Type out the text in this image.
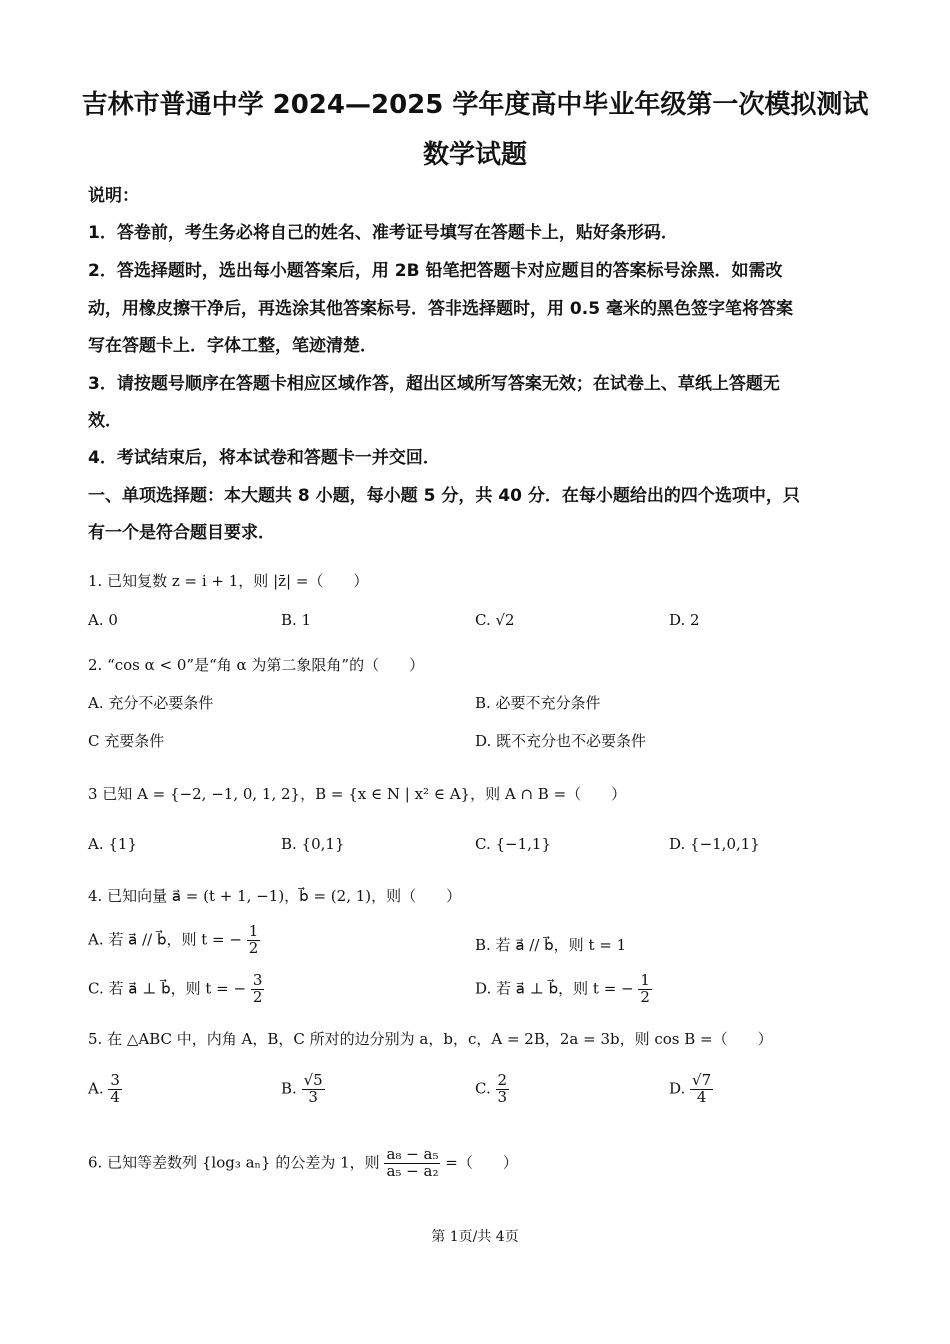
吉林市普通中学 2024—2025 学年度高中毕业年级第一次模拟测试
数学试题
说明：
1．答卷前，考生务必将自己的姓名、准考证号填写在答题卡上，贴好条形码．
2．答选择题时，选出每小题答案后，用 2B 铅笔把答题卡对应题目的答案标号涂黑．如需改
动，用橡皮擦干净后，再选涂其他答案标号．答非选择题时，用 0.5 毫米的黑色签字笔将答案
写在答题卡上．字体工整，笔迹清楚．
3．请按题号顺序在答题卡相应区域作答，超出区域所写答案无效；在试卷上、草纸上答题无
效．
4．考试结束后，将本试卷和答题卡一并交回．
一、单项选择题：本大题共 8 小题，每小题 5 分，共 40 分．在每小题给出的四个选项中，只
有一个是符合题目要求．
1. 已知复数 z = i + 1，则 |z̄| =（　　）
A. 0	B. 1	C. √2	D. 2
2. “cos α < 0”是“角 α 为第二象限角”的（　　）
A. 充分不必要条件	B. 必要不充分条件
C 充要条件	D. 既不充分也不必要条件
3 已知 A = {−2, −1, 0, 1, 2}，B = {x ∈ N | x² ∈ A}，则 A ∩ B =（　　）
A. {1}	B. {0,1}	C. {−1,1}	D. {−1,0,1}
4. 已知向量 a⃗ = (t + 1, −1)，b⃗ = (2, 1)，则（　　）
A. 若 a⃗ // b⃗，则 t = − $\frac{1}{2}$	B. 若 a⃗ // b⃗，则 t = 1
C. 若 a⃗ ⊥ b⃗，则 t = − $\frac{3}{2}$	D. 若 a⃗ ⊥ b⃗，则 t = − $\frac{1}{2}$
5. 在 △ABC 中，内角 A，B，C 所对的边分别为 a，b，c，A = 2B，2a = 3b，则 cos B =（　　）
A. $\frac{3}{4}$	B. $\frac{√5}{3}$	C. $\frac{2}{3}$	D. $\frac{√7}{4}$
6. 已知等差数列 {log₃ aₙ} 的公差为 1，则 $\frac{\text{a₈ − a₅}}{\text{a₅ − a₂}}$ =（　　）
第 1页/共 4页
